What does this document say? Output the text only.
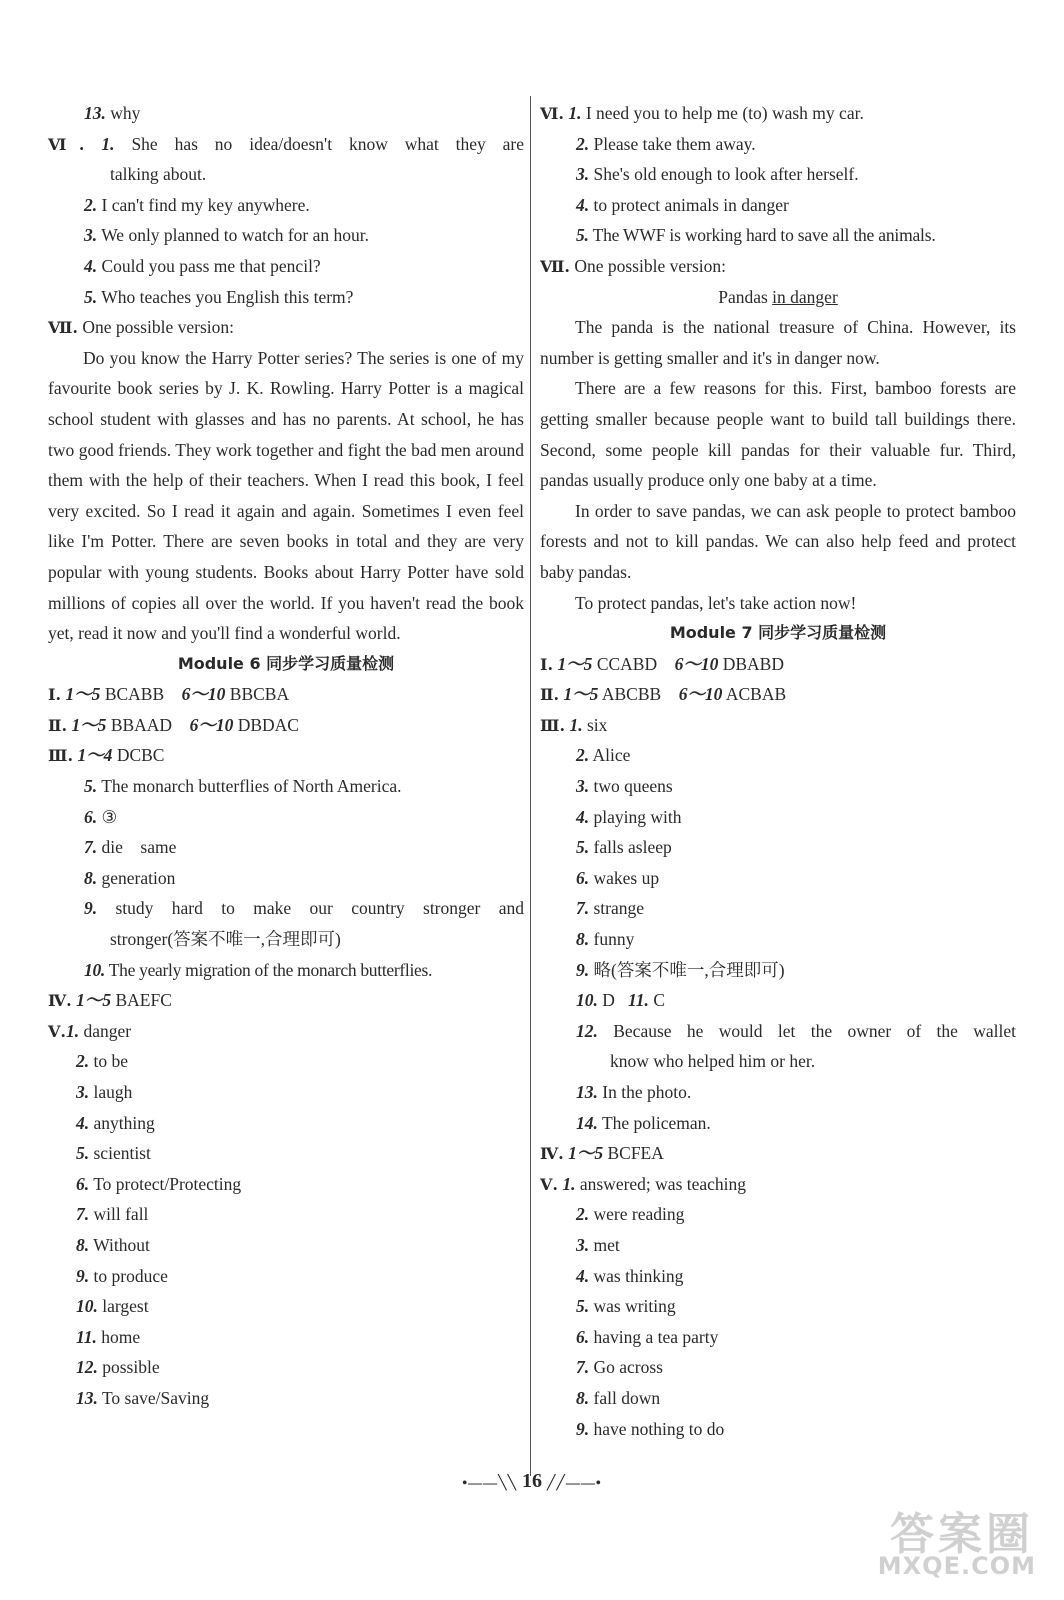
13. why
Ⅵ. 1. She has no idea/doesn't know what they are
talking about.
2. I can't find my key anywhere.
3. We only planned to watch for an hour.
4. Could you pass me that pencil?
5. Who teaches you English this term?
Ⅶ. One possible version:

Do you know the Harry Potter series? The series is one of my favourite book series by J. K. Rowling. Harry Potter is a magical school student with glasses and has no parents. At school, he has two good friends. They work together and fight the bad men around them with the help of their teachers. When I read this book, I feel very excited. So I read it again and again. Sometimes I even feel like I'm Potter. There are seven books in total and they are very popular with young students. Books about Harry Potter have sold millions of copies all over the world. If you haven't read the book yet, read it now and you'll find a wonderful world.

Module 6 同步学习质量检测
Ⅰ. 1～5 BCABB 6～10 BBCBA
Ⅱ. 1～5 BBAAD 6～10 DBDAC
Ⅲ. 1～4 DCBC
5. The monarch butterflies of North America.
6. ③
7. die    same
8. generation
9. study hard to make our country stronger and
stronger(答案不唯一,合理即可)
10. The yearly migration of the monarch butterflies.
Ⅳ. 1～5 BAEFC
Ⅴ.1. danger
2. to be
3. laugh
4. anything
5. scientist
6. To protect/Protecting
7. will fall
8. Without
9. to produce
10. largest
11. home
12. possible
13. To save/Saving
Ⅵ. 1. I need you to help me (to) wash my car.
2. Please take them away.
3. She's old enough to look after herself.
4. to protect animals in danger
5. The WWF is working hard to save all the animals.
Ⅶ. One possible version:
Pandas in danger

The panda is the national treasure of China. However, its number is getting smaller and it's in danger now.

There are a few reasons for this. First, bamboo forests are getting smaller because people want to build tall buildings there. Second, some people kill pandas for their valuable fur. Third, pandas usually produce only one baby at a time.

In order to save pandas, we can ask people to protect bamboo forests and not to kill pandas. We can also help feed and protect baby pandas.

To protect pandas, let's take action now!

Module 7 同步学习质量检测
Ⅰ. 1～5 CCABD 6～10 DBABD
Ⅱ. 1～5 ABCBB 6～10 ACBAB
Ⅲ. 1. six
2. Alice
3. two queens
4. playing with
5. falls asleep
6. wakes up
7. strange
8. funny
9. 略(答案不唯一,合理即可)
10. D 11. C
12. Because he would let the owner of the wallet
know who helped him or her.
13. In the photo.
14. The policeman.
Ⅳ. 1～5 BCFEA
Ⅴ. 1. answered; was teaching
2. were reading
3. met
4. was thinking
5. was writing
6. having a tea party
7. Go across
8. fall down
9. have nothing to do
•——╲╲ 16 ╱╱——•
答案圈
MXQE.COM
